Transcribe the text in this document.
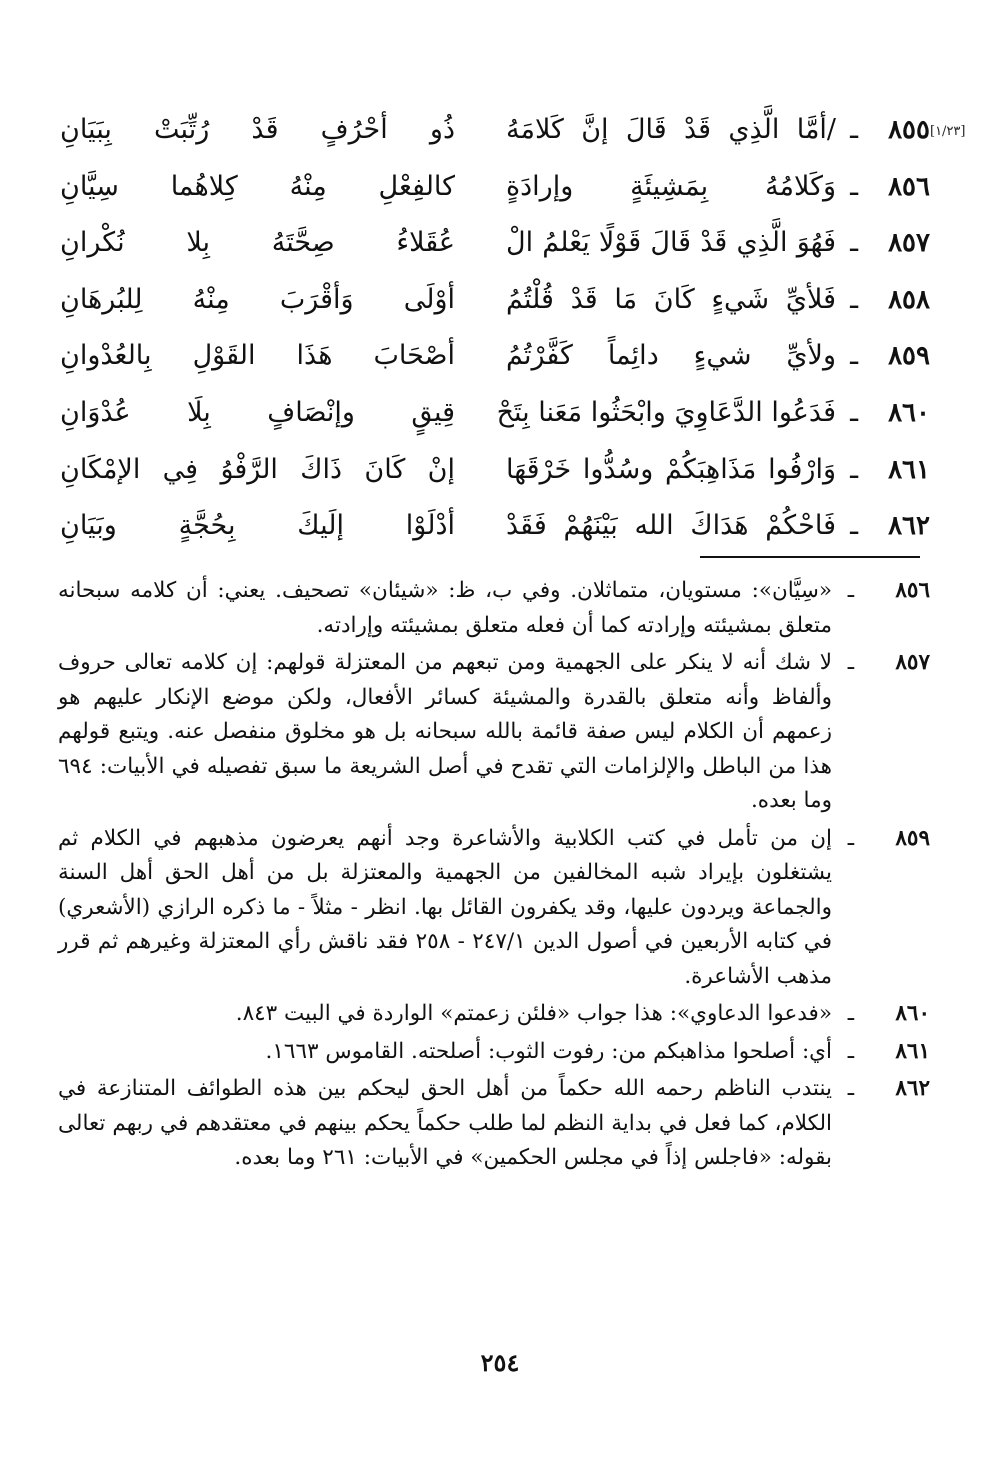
[١/٢٣]
٨٥٥
ـ
/أمَّا الَّذِي قَدْ قَالَ إنَّ كَلامَهُ
ذُو أحْرُفٍ قَدْ رُتِّبَتْ بِبَيَانِ
٨٥٦
ـ
وَكَلامُهُ بِمَشِيئَةٍ وإرادَةٍ
كالفِعْلِ مِنْهُ كِلاهُما سِيَّانِ
٨٥٧
ـ
فَهُوَ الَّذِي قَدْ قَالَ قَوْلًا يَعْلمُ الْ
عُقَلاءُ صِحَّتَهُ بِلا نُكْرانِ
٨٥٨
ـ
فَلأيِّ شَيءٍ كَانَ مَا قَدْ قُلْتُمُ
أوْلَى وَأقْرَبَ مِنْهُ لِلبُرهَانِ
٨٥٩
ـ
ولأيِّ شيءٍ دائِماً كَفَّرْتُمُ
أصْحَابَ هَذَا القَوْلِ بِالعُدْوانِ
٨٦٠
ـ
فَدَعُوا الدَّعَاوِيَ وابْحَثُوا مَعَنا بِتَحْ
قِيقٍ وإنْصَافٍ بِلَا عُدْوَانِ
٨٦١
ـ
وَارْفُوا مَذَاهِبَكُمْ وسُدُّوا خَرْقَهَا
إنْ كَانَ ذَاكَ الرَّفْوُ فِي الإمْكَانِ
٨٦٢
ـ
فَاحْكُمْ هَدَاكَ الله بَيْنَهُمْ فَقَدْ
أدْلَوْا إلَيكَ بِحُجَّةٍ وبَيَانِ
٨٥٦
ـ
«سِيَّان»: مستويان، متماثلان. وفي ب، ظ: «شيئان» تصحيف. يعني: أن كلامه سبحانه متعلق بمشيئته وإرادته كما أن فعله متعلق بمشيئته وإرادته.
٨٥٧
ـ
لا شك أنه لا ينكر على الجهمية ومن تبعهم من المعتزلة قولهم: إن كلامه تعالى حروف وألفاظ وأنه متعلق بالقدرة والمشيئة كسائر الأفعال، ولكن موضع الإنكار عليهم هو زعمهم أن الكلام ليس صفة قائمة بالله سبحانه بل هو مخلوق منفصل عنه. ويتبع قولهم هذا من الباطل والإلزامات التي تقدح في أصل الشريعة ما سبق تفصيله في الأبيات: ٦٩٤ وما بعده.
٨٥٩
ـ
إن من تأمل في كتب الكلابية والأشاعرة وجد أنهم يعرضون مذهبهم في الكلام ثم يشتغلون بإيراد شبه المخالفين من الجهمية والمعتزلة بل من أهل الحق أهل السنة والجماعة ويردون عليها، وقد يكفرون القائل بها. انظر - مثلاً - ما ذكره الرازي (الأشعري) في كتابه الأربعين في أصول الدين ٢٤٧/١ - ٢٥٨ فقد ناقش رأي المعتزلة وغيرهم ثم قرر مذهب الأشاعرة.
٨٦٠
ـ
«فدعوا الدعاوي»: هذا جواب «فلئن زعمتم» الواردة في البيت ٨٤٣.
٨٦١
ـ
أي: أصلحوا مذاهبكم من: رفوت الثوب: أصلحته. القاموس ١٦٦٣.
٨٦٢
ـ
ينتدب الناظم رحمه الله حكماً من أهل الحق ليحكم بين هذه الطوائف المتنازعة في الكلام، كما فعل في بداية النظم لما طلب حكماً يحكم بينهم في معتقدهم في ربهم تعالى بقوله: «فاجلس إذاً في مجلس الحكمين» في الأبيات: ٢٦١ وما بعده.
٢٥٤
